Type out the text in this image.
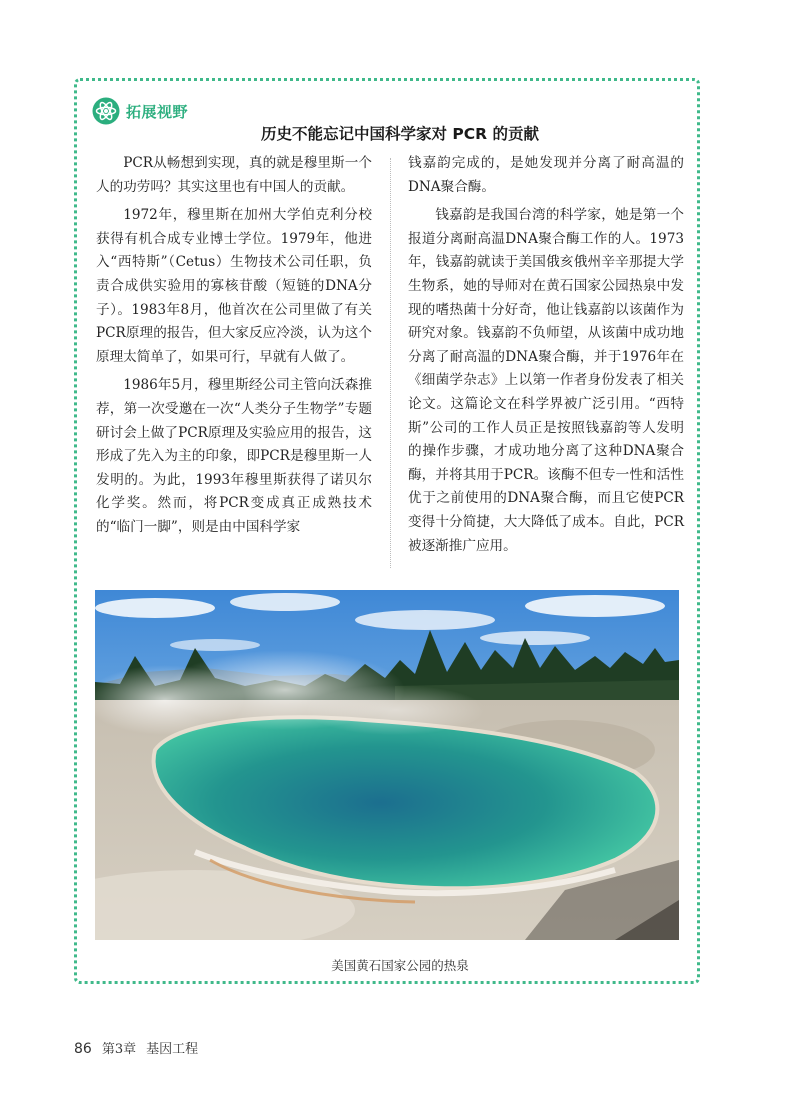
拓展视野
历史不能忘记中国科学家对 PCR 的贡献

PCR从畅想到实现，真的就是穆里斯一个人的功劳吗？其实这里也有中国人的贡献。

1972年，穆里斯在加州大学伯克利分校获得有机合成专业博士学位。1979年，他进入“西特斯”（Cetus）生物技术公司任职，负责合成供实验用的寡核苷酸（短链的DNA分子）。1983年8月，他首次在公司里做了有关PCR原理的报告，但大家反应冷淡，认为这个原理太简单了，如果可行，早就有人做了。

1986年5月，穆里斯经公司主管向沃森推荐，第一次受邀在一次“人类分子生物学”专题研讨会上做了PCR原理及实验应用的报告，这形成了先入为主的印象，即PCR是穆里斯一人发明的。为此，1993年穆里斯获得了诺贝尔化学奖。然而，将PCR变成真正成熟技术的“临门一脚”，则是由中国科学家

钱嘉韵完成的，是她发现并分离了耐高温的DNA聚合酶。

钱嘉韵是我国台湾的科学家，她是第一个报道分离耐高温DNA聚合酶工作的人。1973年，钱嘉韵就读于美国俄亥俄州辛辛那提大学生物系，她的导师对在黄石国家公园热泉中发现的嗜热菌十分好奇，他让钱嘉韵以该菌作为研究对象。钱嘉韵不负师望，从该菌中成功地分离了耐高温的DNA聚合酶，并于1976年在《细菌学杂志》上以第一作者身份发表了相关论文。这篇论文在科学界被广泛引用。“西特斯”公司的工作人员正是按照钱嘉韵等人发明的操作步骤，才成功地分离了这种DNA聚合酶，并将其用于PCR。该酶不但专一性和活性优于之前使用的DNA聚合酶，而且它使PCR变得十分简捷，大大降低了成本。自此，PCR被逐渐推广应用。

美国黄石国家公园的热泉
86 第3章 基因工程
